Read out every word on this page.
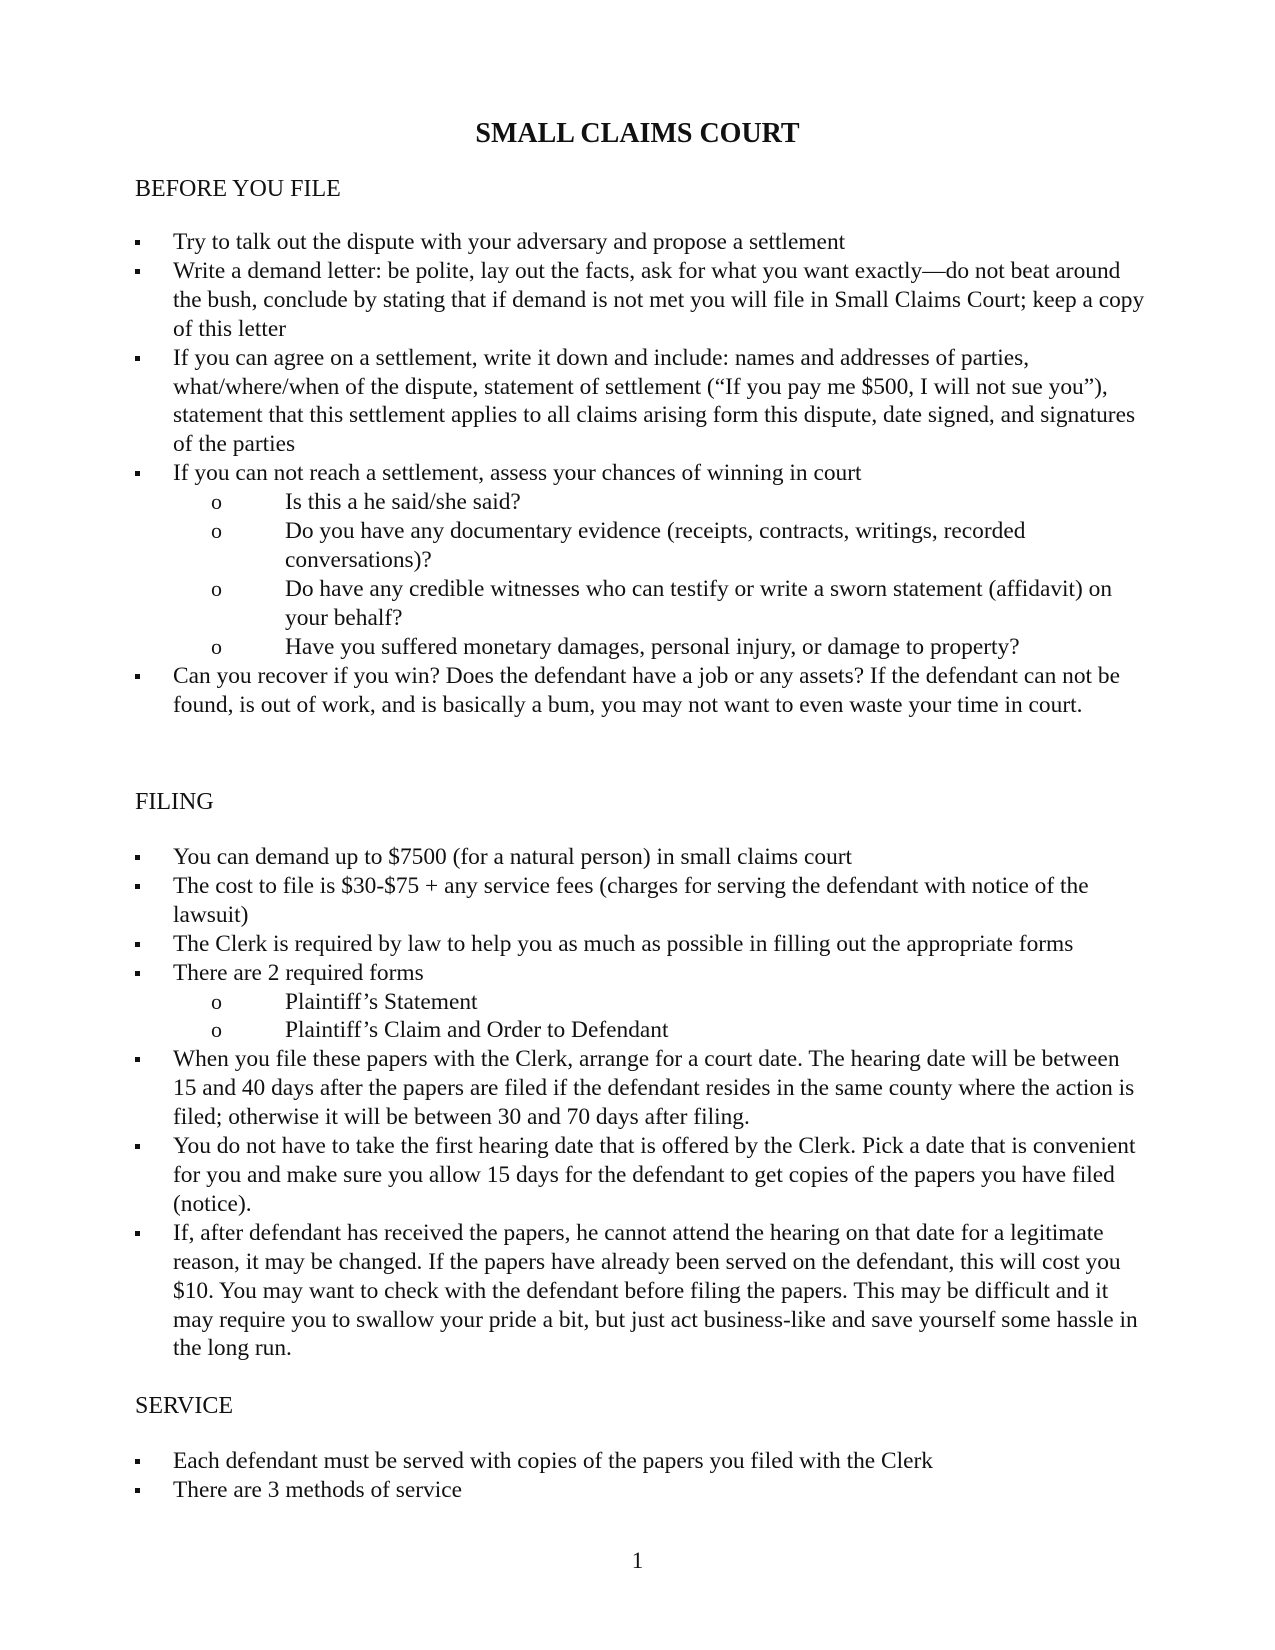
SMALL CLAIMS COURT
BEFORE YOU FILE
Try to talk out the dispute with your adversary and propose a settlement
Write a demand letter: be polite, lay out the facts, ask for what you want exactly—do not beat around the bush, conclude by stating that if demand is not met you will file in Small Claims Court; keep a copy of this letter
If you can agree on a settlement, write it down and include: names and addresses of parties, what/where/when of the dispute, statement of settlement (“If you pay me $500, I will not sue you”), statement that this settlement applies to all claims arising form this dispute, date signed, and signatures of the parties
If you can not reach a settlement, assess your chances of winning in court
o	Is this a he said/she said?
o	Do you have any documentary evidence (receipts, contracts, writings, recorded conversations)?
o	Do have any credible witnesses who can testify or write a sworn statement (affidavit) on your behalf?
o	Have you suffered monetary damages, personal injury, or damage to property?
Can you recover if you win? Does the defendant have a job or any assets? If the defendant can not be found, is out of work, and is basically a bum, you may not want to even waste your time in court.
FILING
You can demand up to $7500 (for a natural person) in small claims court
The cost to file is $30-$75 + any service fees (charges for serving the defendant with notice of the lawsuit)
The Clerk is required by law to help you as much as possible in filling out the appropriate forms
There are 2 required forms
o	Plaintiff’s Statement
o	Plaintiff’s Claim and Order to Defendant
When you file these papers with the Clerk, arrange for a court date. The hearing date will be between 15 and 40 days after the papers are filed if the defendant resides in the same county where the action is filed; otherwise it will be between 30 and 70 days after filing.
You do not have to take the first hearing date that is offered by the Clerk. Pick a date that is convenient for you and make sure you allow 15 days for the defendant to get copies of the papers you have filed (notice).
If, after defendant has received the papers, he cannot attend the hearing on that date for a legitimate reason, it may be changed. If the papers have already been served on the defendant, this will cost you $10. You may want to check with the defendant before filing the papers. This may be difficult and it may require you to swallow your pride a bit, but just act business-like and save yourself some hassle in the long run.
SERVICE
Each defendant must be served with copies of the papers you filed with the Clerk
There are 3 methods of service
1
